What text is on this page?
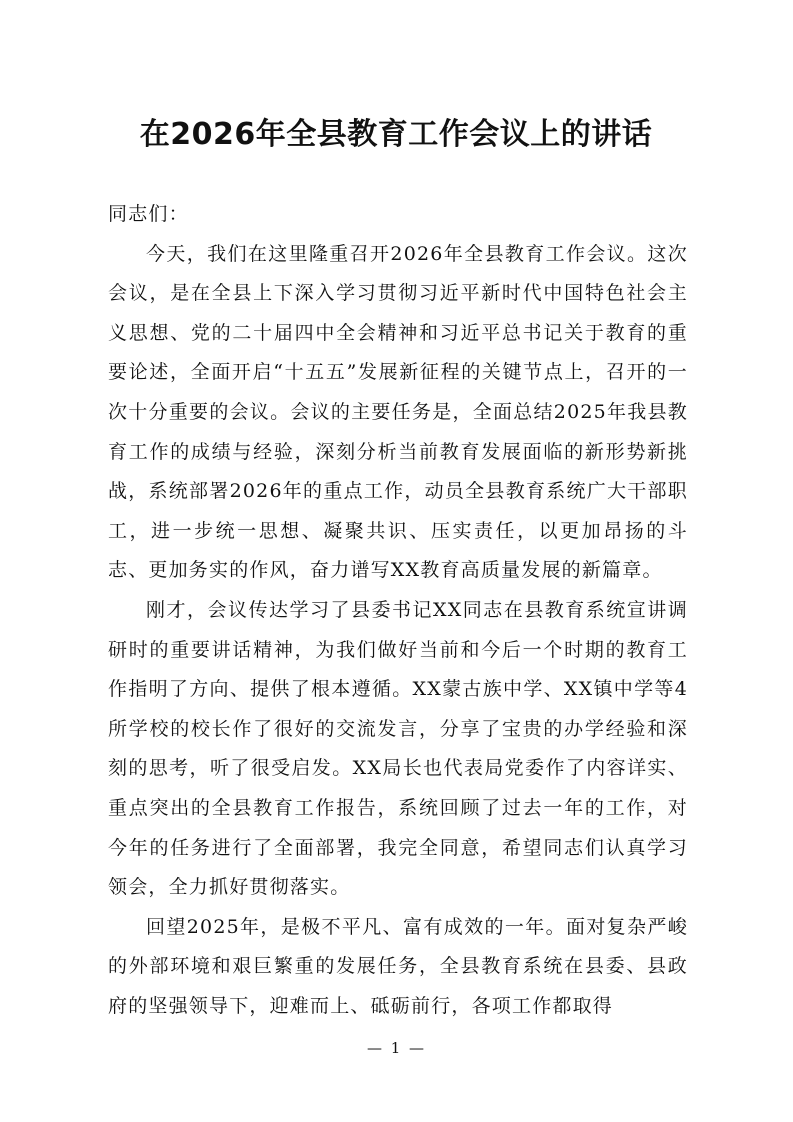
在2026年全县教育工作会议上的讲话

同志们：

今天，我们在这里隆重召开2026年全县教育工作会议。这次会议，是在全县上下深入学习贯彻习近平新时代中国特色社会主义思想、党的二十届四中全会精神和习近平总书记关于教育的重要论述，全面开启“十五五”发展新征程的关键节点上，召开的一次十分重要的会议。会议的主要任务是，全面总结2025年我县教育工作的成绩与经验，深刻分析当前教育发展面临的新形势新挑战，系统部署2026年的重点工作，动员全县教育系统广大干部职工，进一步统一思想、凝聚共识、压实责任，以更加昂扬的斗志、更加务实的作风，奋力谱写XX教育高质量发展的新篇章。

刚才，会议传达学习了县委书记XX同志在县教育系统宣讲调研时的重要讲话精神，为我们做好当前和今后一个时期的教育工作指明了方向、提供了根本遵循。XX蒙古族中学、XX镇中学等4所学校的校长作了很好的交流发言，分享了宝贵的办学经验和深刻的思考，听了很受启发。XX局长也代表局党委作了内容详实、重点突出的全县教育工作报告，系统回顾了过去一年的工作，对今年的任务进行了全面部署，我完全同意，希望同志们认真学习领会，全力抓好贯彻落实。

回望2025年，是极不平凡、富有成效的一年。面对复杂严峻的外部环境和艰巨繁重的发展任务，全县教育系统在县委、县政府的坚强领导下，迎难而上、砥砺前行，各项工作都取得

— 1 —
